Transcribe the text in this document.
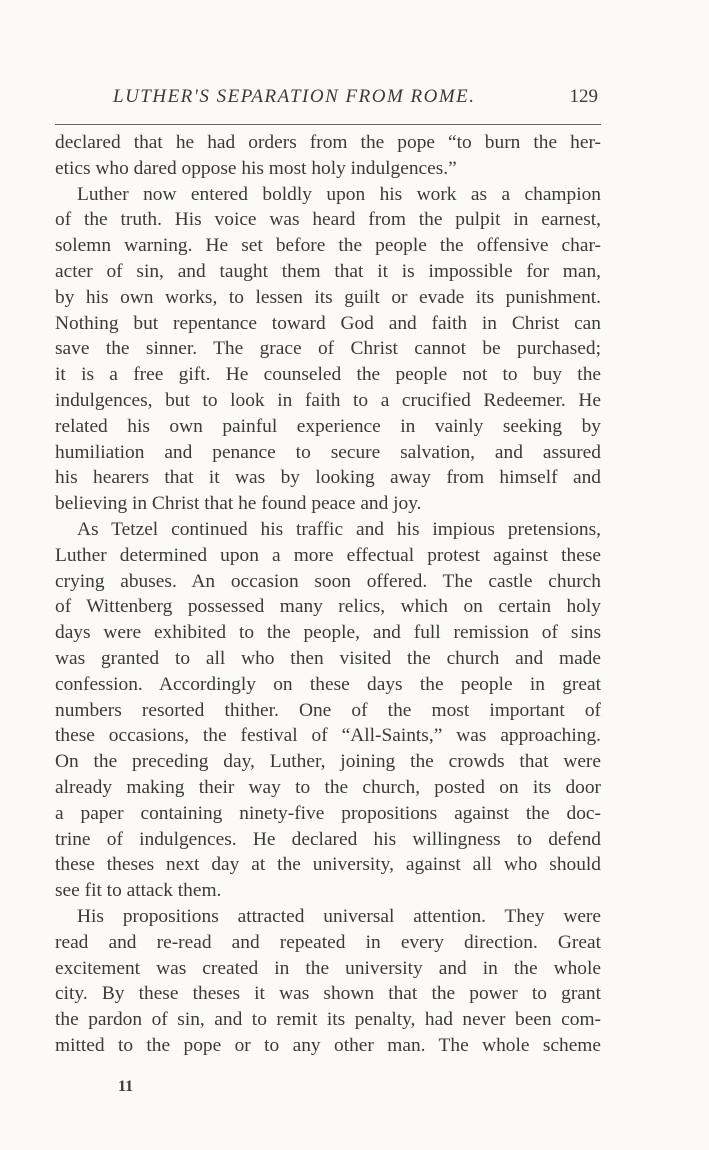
LUTHER'S SEPARATION FROM ROME.	129
declared that he had orders from the pope “to burn the her-
etics who dared oppose his most holy indulgences.”
Luther now entered boldly upon his work as a champion
of the truth. His voice was heard from the pulpit in earnest,
solemn warning. He set before the people the offensive char-
acter of sin, and taught them that it is impossible for man,
by his own works, to lessen its guilt or evade its punishment.
Nothing but repentance toward God and faith in Christ can
save the sinner. The grace of Christ cannot be purchased;
it is a free gift. He counseled the people not to buy the
indulgences, but to look in faith to a crucified Redeemer. He
related his own painful experience in vainly seeking by
humiliation and penance to secure salvation, and assured
his hearers that it was by looking away from himself and
believing in Christ that he found peace and joy.
As Tetzel continued his traffic and his impious pretensions,
Luther determined upon a more effectual protest against these
crying abuses. An occasion soon offered. The castle church
of Wittenberg possessed many relics, which on certain holy
days were exhibited to the people, and full remission of sins
was granted to all who then visited the church and made
confession. Accordingly on these days the people in great
numbers resorted thither. One of the most important of
these occasions, the festival of “All-Saints,” was approaching.
On the preceding day, Luther, joining the crowds that were
already making their way to the church, posted on its door
a paper containing ninety-five propositions against the doc-
trine of indulgences. He declared his willingness to defend
these theses next day at the university, against all who should
see fit to attack them.
His propositions attracted universal attention. They were
read and re-read and repeated in every direction. Great
excitement was created in the university and in the whole
city. By these theses it was shown that the power to grant
the pardon of sin, and to remit its penalty, had never been com-
mitted to the pope or to any other man. The whole scheme
11
